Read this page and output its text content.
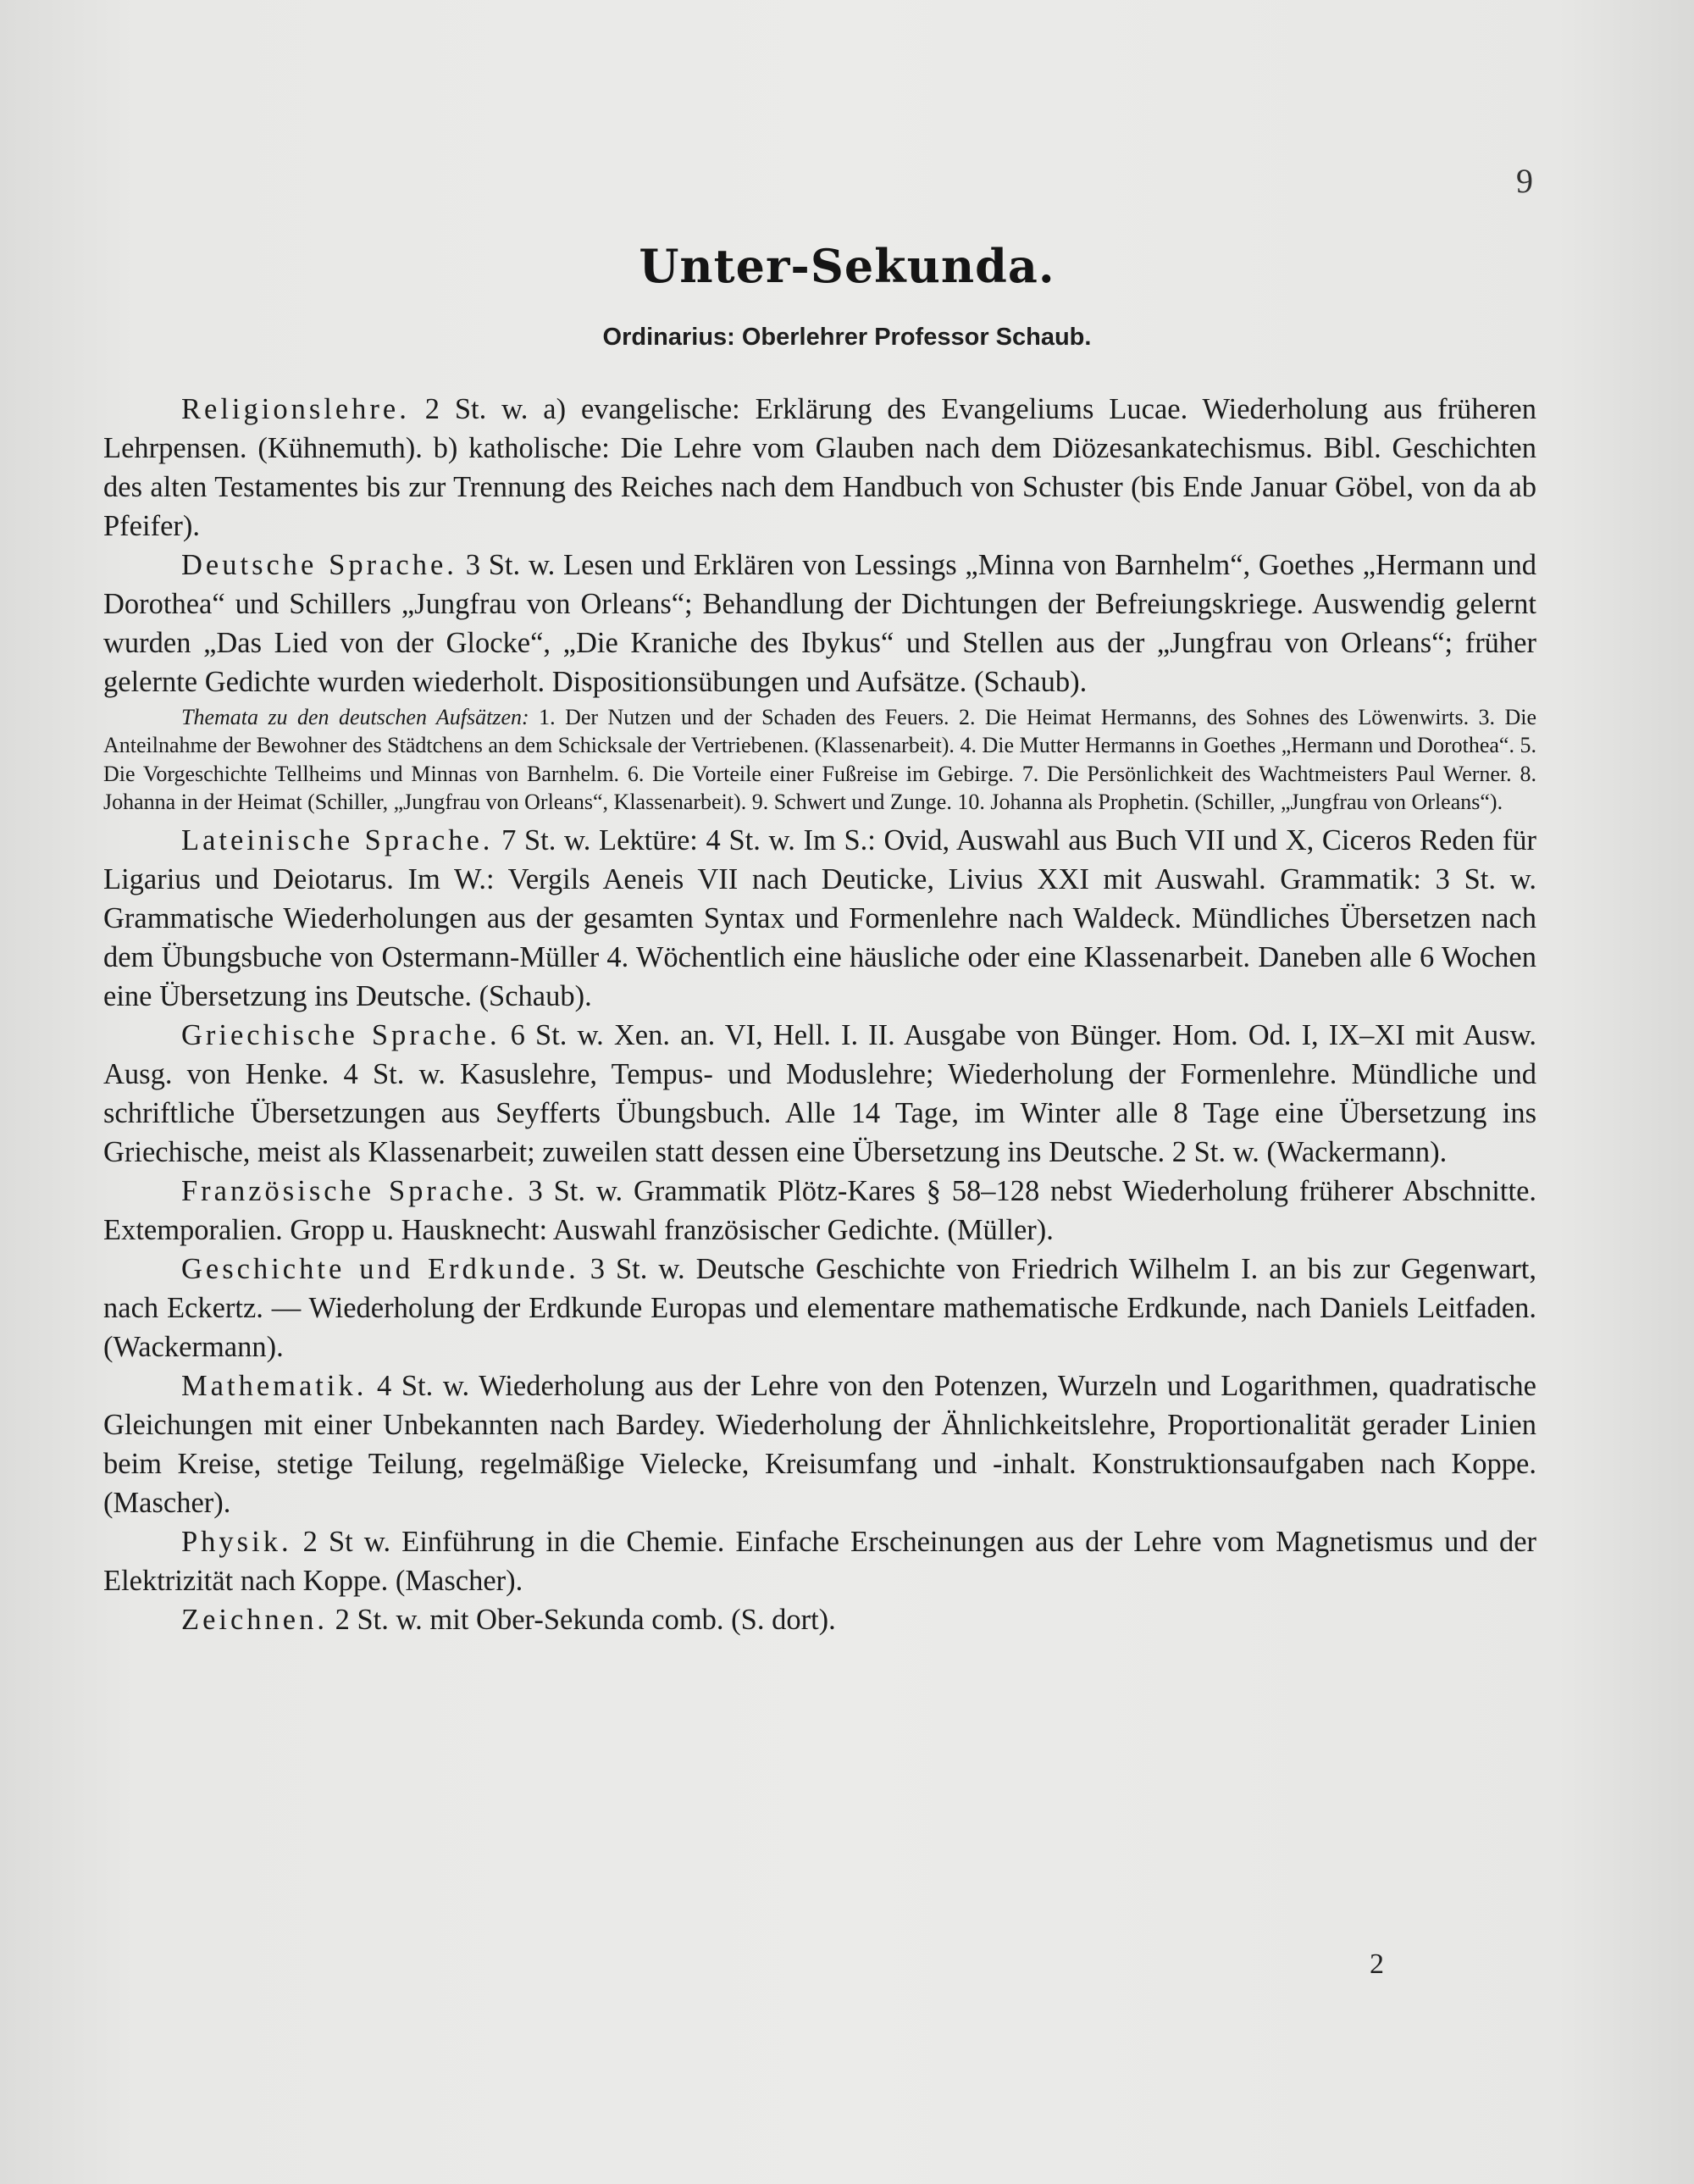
9
Unter-Sekunda.
Ordinarius: Oberlehrer Professor Schaub.

Religionslehre. 2 St. w. a) evangelische: Erklärung des Evangeliums Lucae. Wiederholung aus früheren Lehrpensen. (Kühnemuth). b) katholische: Die Lehre vom Glauben nach dem Diözesankatechismus. Bibl. Geschichten des alten Testamentes bis zur Trennung des Reiches nach dem Handbuch von Schuster (bis Ende Januar Göbel, von da ab Pfeifer).

Deutsche Sprache. 3 St. w. Lesen und Erklären von Lessings „Minna von Barnhelm“, Goethes „Hermann und Dorothea“ und Schillers „Jungfrau von Orleans“; Behandlung der Dichtungen der Befreiungskriege. Auswendig gelernt wurden „Das Lied von der Glocke“, „Die Kraniche des Ibykus“ und Stellen aus der „Jungfrau von Orleans“; früher gelernte Gedichte wurden wiederholt. Dispositionsübungen und Aufsätze. (Schaub).

Themata zu den deutschen Aufsätzen: 1. Der Nutzen und der Schaden des Feuers. 2. Die Heimat Hermanns, des Sohnes des Löwenwirts. 3. Die Anteilnahme der Bewohner des Städtchens an dem Schicksale der Vertriebenen. (Klassenarbeit). 4. Die Mutter Hermanns in Goethes „Hermann und Dorothea“. 5. Die Vorgeschichte Tellheims und Minnas von Barnhelm. 6. Die Vorteile einer Fußreise im Gebirge. 7. Die Persönlichkeit des Wachtmeisters Paul Werner. 8. Johanna in der Heimat (Schiller, „Jungfrau von Orleans“, Klassenarbeit). 9. Schwert und Zunge. 10. Johanna als Prophetin. (Schiller, „Jungfrau von Orleans“).

Lateinische Sprache. 7 St. w. Lektüre: 4 St. w. Im S.: Ovid, Auswahl aus Buch VII und X, Ciceros Reden für Ligarius und Deiotarus. Im W.: Vergils Aeneis VII nach Deuticke, Livius XXI mit Auswahl. Grammatik: 3 St. w. Grammatische Wiederholungen aus der gesamten Syntax und Formenlehre nach Waldeck. Mündliches Übersetzen nach dem Übungsbuche von Ostermann-Müller 4. Wöchentlich eine häusliche oder eine Klassenarbeit. Daneben alle 6 Wochen eine Übersetzung ins Deutsche. (Schaub).

Griechische Sprache. 6 St. w. Xen. an. VI, Hell. I. II. Ausgabe von Bünger. Hom. Od. I, IX–XI mit Ausw. Ausg. von Henke. 4 St. w. Kasuslehre, Tempus- und Moduslehre; Wiederholung der Formenlehre. Mündliche und schriftliche Übersetzungen aus Seyfferts Übungsbuch. Alle 14 Tage, im Winter alle 8 Tage eine Übersetzung ins Griechische, meist als Klassenarbeit; zuweilen statt dessen eine Übersetzung ins Deutsche. 2 St. w. (Wackermann).

Französische Sprache. 3 St. w. Grammatik Plötz-Kares § 58–128 nebst Wiederholung früherer Abschnitte. Extemporalien. Gropp u. Hausknecht: Auswahl französischer Gedichte. (Müller).

Geschichte und Erdkunde. 3 St. w. Deutsche Geschichte von Friedrich Wilhelm I. an bis zur Gegenwart, nach Eckertz. — Wiederholung der Erdkunde Europas und elementare mathematische Erdkunde, nach Daniels Leitfaden. (Wackermann).

Mathematik. 4 St. w. Wiederholung aus der Lehre von den Potenzen, Wurzeln und Logarithmen, quadratische Gleichungen mit einer Unbekannten nach Bardey. Wiederholung der Ähnlichkeitslehre, Proportionalität gerader Linien beim Kreise, stetige Teilung, regelmäßige Vielecke, Kreisumfang und -inhalt. Konstruktionsaufgaben nach Koppe. (Mascher).

Physik. 2 St w. Einführung in die Chemie. Einfache Erscheinungen aus der Lehre vom Magnetismus und der Elektrizität nach Koppe. (Mascher).

Zeichnen. 2 St. w. mit Ober-Sekunda comb. (S. dort).

2
